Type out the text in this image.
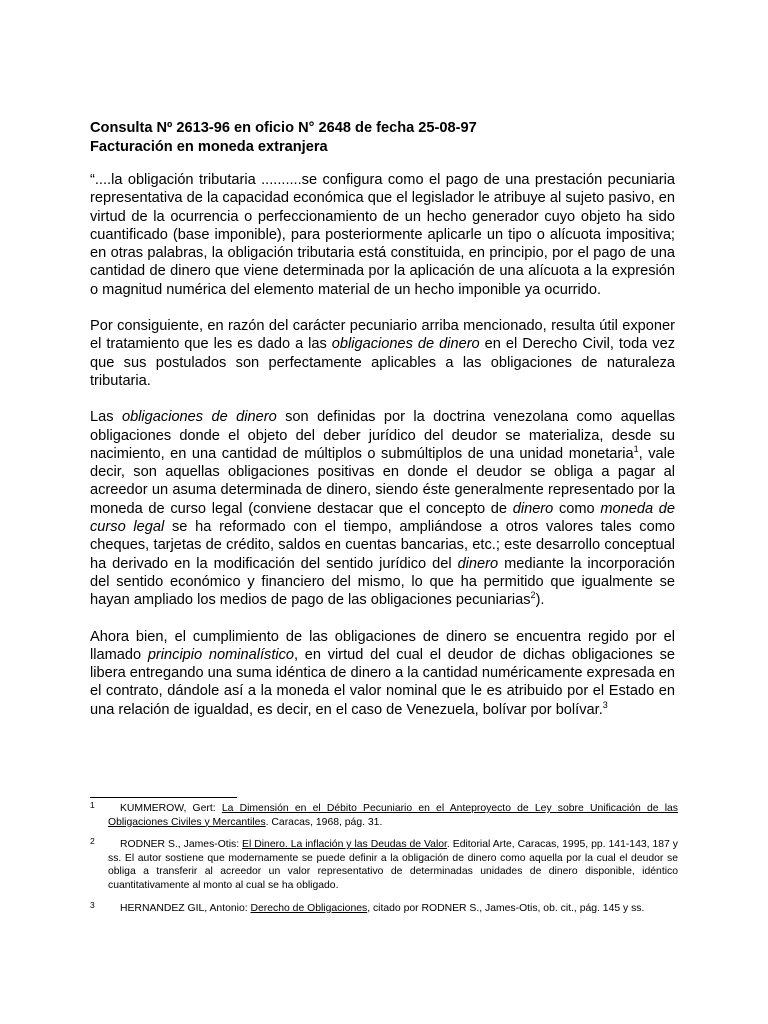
Consulta Nº 2613-96 en oficio N° 2648 de fecha 25-08-97
Facturación en moneda extranjera

“....la obligación tributaria ..........se configura como el pago de una prestación pecuniaria representativa de la capacidad económica que el legislador le atribuye al sujeto pasivo, en virtud de la ocurrencia o perfeccionamiento de un hecho generador cuyo objeto ha sido cuantificado (base imponible), para posteriormente aplicarle un tipo o alícuota impositiva; en otras palabras, la obligación tributaria está constituida, en principio, por el pago de una cantidad de dinero que viene determinada por la aplicación de una alícuota a la expresión o magnitud numérica del elemento material de un hecho imponible ya ocurrido.

Por consiguiente, en razón del carácter pecuniario arriba mencionado, resulta útil exponer el tratamiento que les es dado a las obligaciones de dinero en el Derecho Civil, toda vez que sus postulados son perfectamente aplicables a las obligaciones de naturaleza tributaria.

Las obligaciones de dinero son definidas por la doctrina venezolana como aquellas obligaciones donde el objeto del deber jurídico del deudor se materializa, desde su nacimiento, en una cantidad de múltiplos o submúltiplos de una unidad monetaria$^1$, vale decir, son aquellas obligaciones positivas en donde el deudor se obliga a pagar al acreedor un asuma determinada de dinero, siendo éste generalmente representado por la moneda de curso legal (conviene destacar que el concepto de dinero como moneda de curso legal se ha reformado con el tiempo, ampliándose a otros valores tales como cheques, tarjetas de crédito, saldos en cuentas bancarias, etc.; este desarrollo conceptual ha derivado en la modificación del sentido jurídico del dinero mediante la incorporación del sentido económico y financiero del mismo, lo que ha permitido que igualmente se hayan ampliado los medios de pago de las obligaciones pecuniarias$^2$).

Ahora bien, el cumplimiento de las obligaciones de dinero se encuentra regido por el llamado principio nominalístico, en virtud del cual el deudor de dichas obligaciones se libera entregando una suma idéntica de dinero a la cantidad numéricamente expresada en el contrato, dándole así a la moneda el valor nominal que le es atribuido por el Estado en una relación de igualdad, es decir, en el caso de Venezuela, bolívar por bolívar.$^3$

1 KUMMEROW, Gert: La Dimensión en el Débito Pecuniario en el Anteproyecto de Ley sobre Unificación de las Obligaciones Civiles y Mercantiles. Caracas, 1968, pág. 31.
2 RODNER S., James-Otis: El Dinero. La inflación y las Deudas de Valor. Editorial Arte, Caracas, 1995, pp. 141-143, 187 y ss. El autor sostiene que modernamente se puede definir a la obligación de dinero como aquella por la cual el deudor se obliga a transferir al acreedor un valor representativo de determinadas unidades de dinero disponible, idéntico cuantitativamente al monto al cual se ha obligado.
3 HERNANDEZ GIL, Antonio: Derecho de Obligaciones, citado por RODNER S., James-Otis, ob. cit., pág. 145 y ss.
